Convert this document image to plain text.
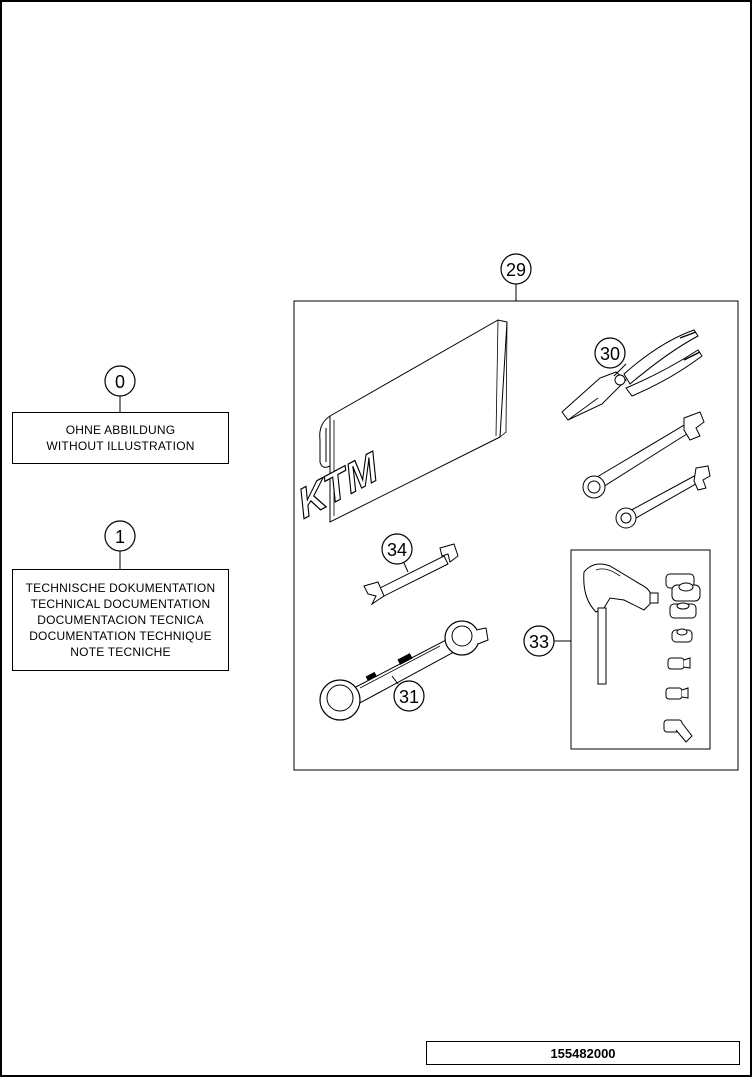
0
1
29
KTM
30
33
34
31
OHNE ABBILDUNG
WITHOUT ILLUSTRATION
TECHNISCHE DOKUMENTATION
TECHNICAL DOCUMENTATION
DOCUMENTACION TECNICA
DOCUMENTATION TECHNIQUE
NOTE TECNICHE
155482000
